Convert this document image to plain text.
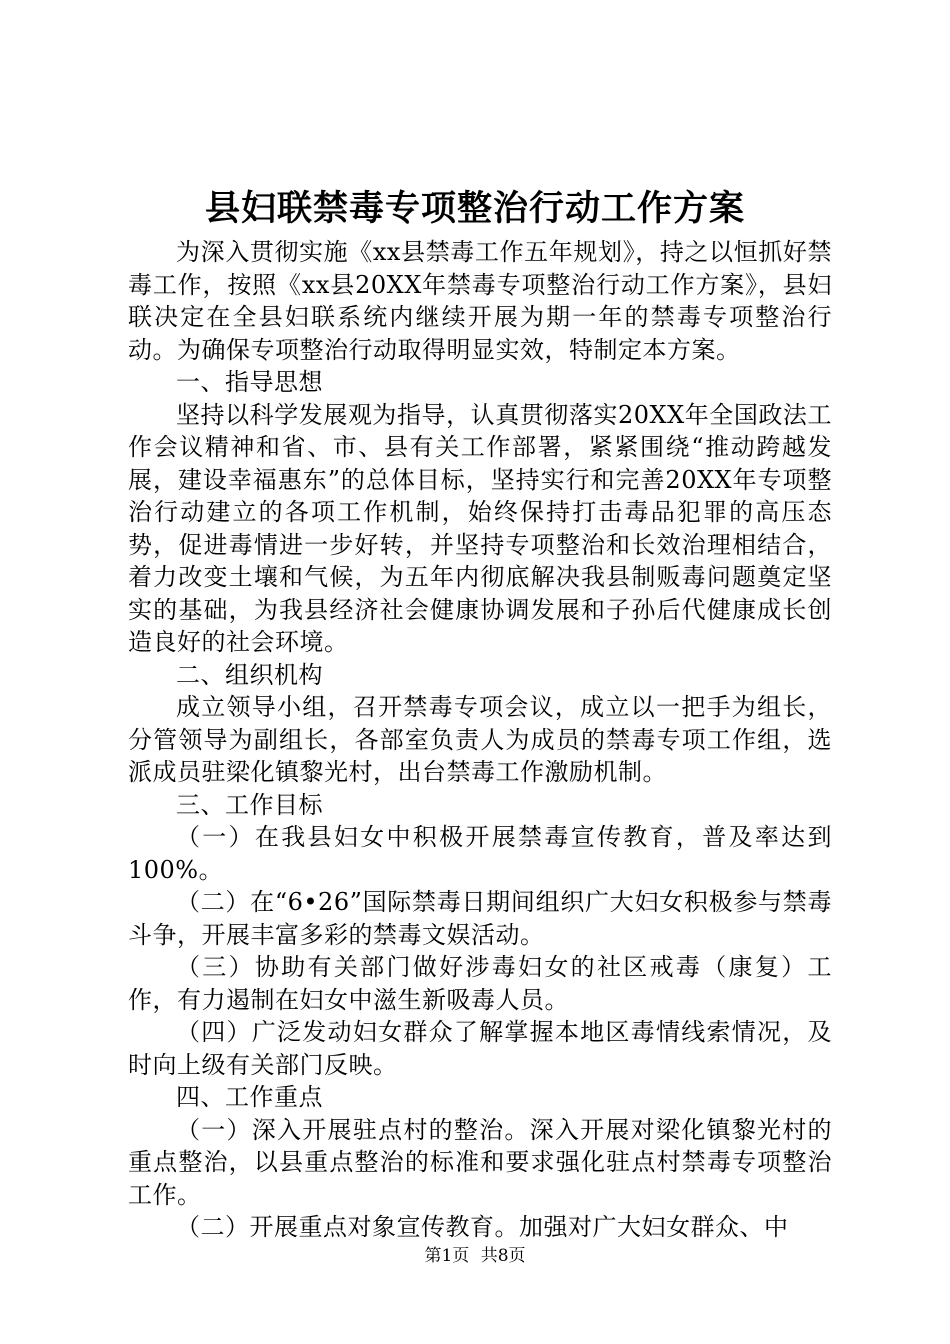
县妇联禁毒专项整治行动工作方案

为深入贯彻实施《xx县禁毒工作五年规划》，持之以恒抓好禁毒工作，按照《xx县20XX年禁毒专项整治行动工作方案》，县妇联决定在全县妇联系统内继续开展为期一年的禁毒专项整治行动。为确保专项整治行动取得明显实效，特制定本方案。

一、指导思想

坚持以科学发展观为指导，认真贯彻落实20XX年全国政法工作会议精神和省、市、县有关工作部署，紧紧围绕“推动跨越发展，建设幸福惠东”的总体目标，坚持实行和完善20XX年专项整治行动建立的各项工作机制，始终保持打击毒品犯罪的高压态势，促进毒情进一步好转，并坚持专项整治和长效治理相结合，着力改变土壤和气候，为五年内彻底解决我县制贩毒问题奠定坚实的基础，为我县经济社会健康协调发展和子孙后代健康成长创造良好的社会环境。

二、组织机构

成立领导小组，召开禁毒专项会议，成立以一把手为组长，分管领导为副组长，各部室负责人为成员的禁毒专项工作组，选派成员驻梁化镇黎光村，出台禁毒工作激励机制。

三、工作目标

（一）在我县妇女中积极开展禁毒宣传教育，普及率达到100%。

（二）在“6•26”国际禁毒日期间组织广大妇女积极参与禁毒斗争，开展丰富多彩的禁毒文娱活动。

（三）协助有关部门做好涉毒妇女的社区戒毒（康复）工作，有力遏制在妇女中滋生新吸毒人员。

（四）广泛发动妇女群众了解掌握本地区毒情线索情况，及时向上级有关部门反映。

四、工作重点

（一）深入开展驻点村的整治。深入开展对梁化镇黎光村的重点整治，以县重点整治的标准和要求强化驻点村禁毒专项整治工作。

（二）开展重点对象宣传教育。加强对广大妇女群众、中

第1页 共8页
